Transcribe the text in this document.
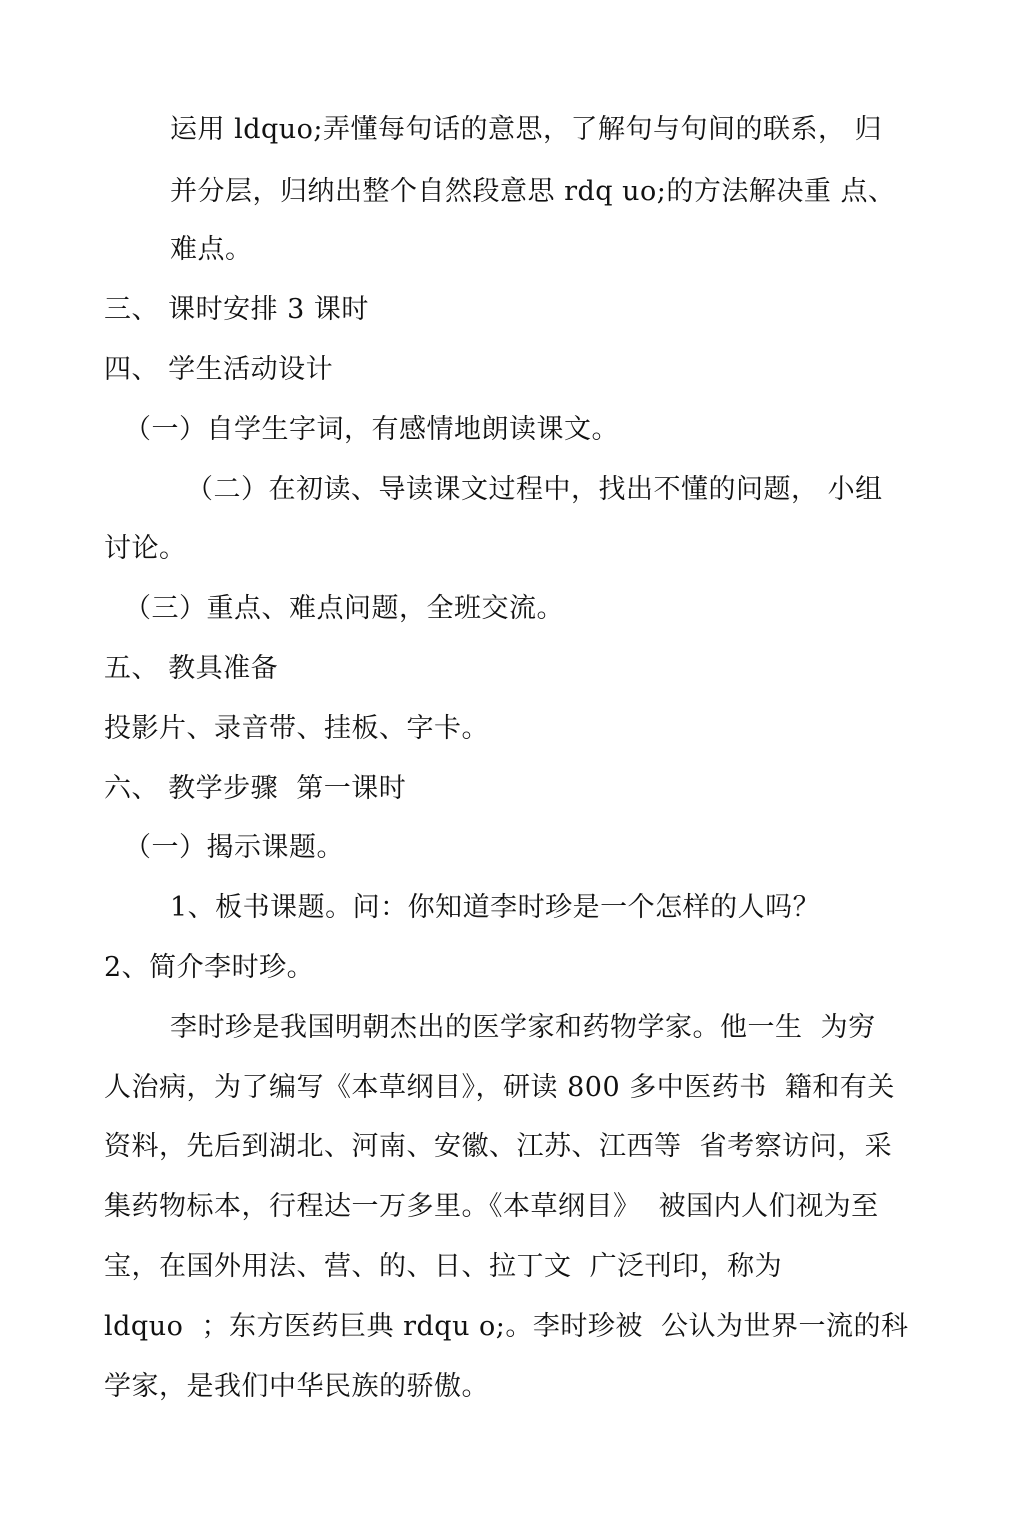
运用 ldquo;弄懂每句话的意思，了解句与句间的联系， 归
并分层，归纳出整个自然段意思 rdq uo;的方法解决重 点、
难点。
三、 课时安排 3 课时
四、 学生活动设计
（一）自学生字词，有感情地朗读课文。
（二）在初读、导读课文过程中，找出不懂的问题， 小组
讨论。
（三）重点、难点问题，全班交流。
五、 教具准备
投影片、录音带、挂板、字卡。
六、 教学步骤  第一课时
（一）揭示课题。
1、板书课题。问：你知道李时珍是一个怎样的人吗？
2、简介李时珍。
李时珍是我国明朝杰出的医学家和药物学家。他一生  为穷
人治病，为了编写《本草纲目》，研读 800 多中医药书  籍和有关
资料，先后到湖北、河南、安徽、江苏、江西等  省考察访问，采
集药物标本，行程达一万多里。《本草纲目》  被国内人们视为至
宝，在国外用法、营、的、日、拉丁文  广泛刊印，称为
ldquo  ；东方医药巨典 rdqu o;。李时珍被  公认为世界一流的科
学家，是我们中华民族的骄傲。
